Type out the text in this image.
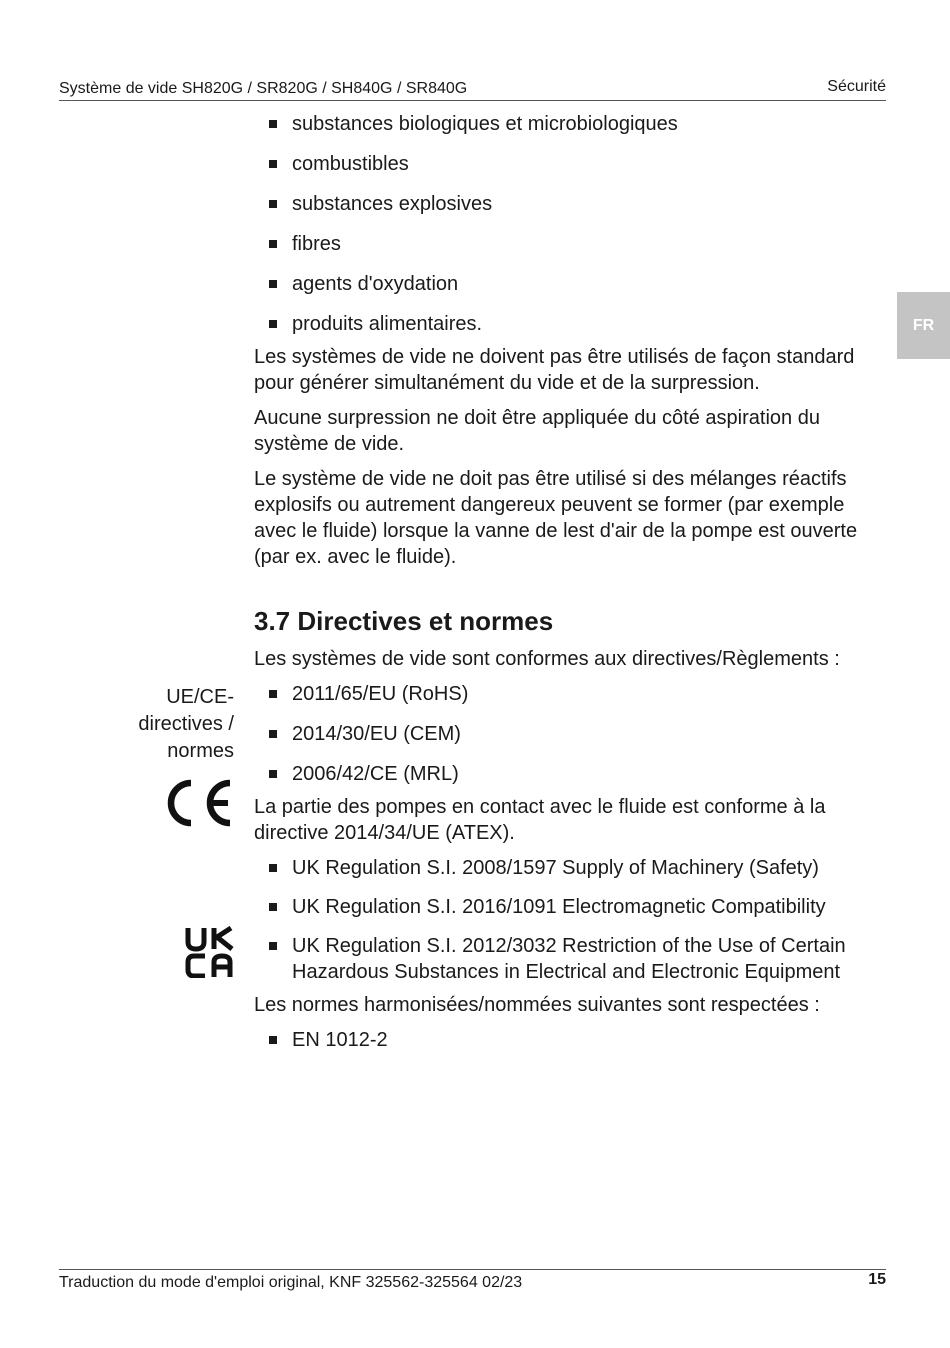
Système de vide SH820G / SR820G / SH840G / SR840G	Sécurité
FR
substances biologiques et microbiologiques
combustibles
substances explosives
fibres
agents d'oxydation
produits alimentaires.

Les systèmes de vide ne doivent pas être utilisés de façon standard pour générer simultanément du vide et de la surpression.

Aucune surpression ne doit être appliquée du côté aspiration du système de vide.

Le système de vide ne doit pas être utilisé si des mélanges réactifs explosifs ou autrement dangereux peuvent se former (par exemple avec le fluide) lorsque la vanne de lest d'air de la pompe est ouverte (par ex. avec le fluide).

3.7 Directives et normes

Les systèmes de vide sont conformes aux directives/Règlements :

2011/65/EU (RoHS)
2014/30/EU (CEM)
2006/42/CE (MRL)

La partie des pompes en contact avec le fluide est conforme à la directive 2014/34/UE (ATEX).

UK Regulation S.I. 2008/1597 Supply of Machinery (Safety)
UK Regulation S.I. 2016/1091 Electromagnetic Compatibility
UK Regulation S.I. 2012/3032 Restriction of the Use of Certain Hazardous Substances in Electrical and Electronic Equipment

Les normes harmonisées/nommées suivantes sont respectées :

EN 1012-2
UE/CE-
directives /
normes
Traduction du mode d'emploi original, KNF 325562-325564 02/23	15
